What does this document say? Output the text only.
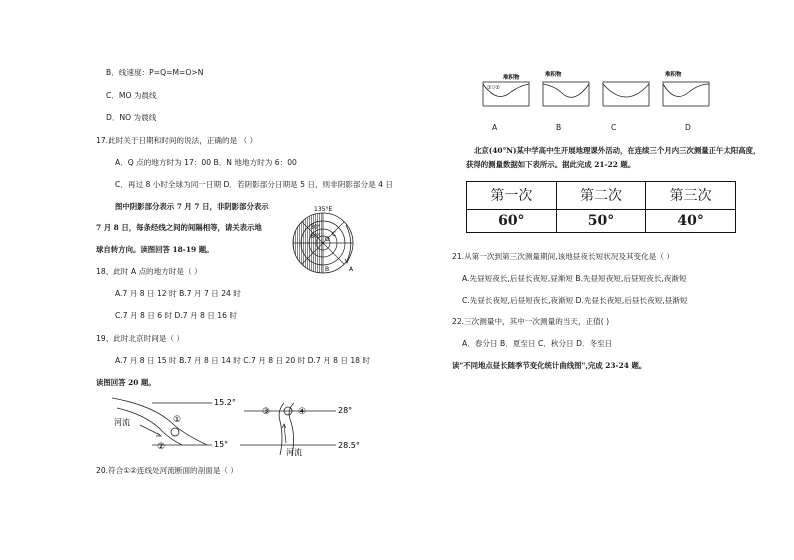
B．线速度：P=Q=M=O>N
C．MO 为晨线
D．NO 为晨线
17.此时关于日期和时间的说法，正确的是 （ ）
A．Q 点的地方时为 17：00 B．N 地地方时为 6：00
C．再过 8 小时全球为同一日期 D．若阴影部分日期是 5 日，则非阴影部分是 4 日
图中阴影部分表示 7 月 7 日，非阴影部分表示
7 月 8 日，每条经线之间的间隔相等，请关表示地
球自转方向。读图回答 18-19 题。
18、此时 A 点的地方时是（ ）
A.7 月 8 日 12 时 B.7 月 7 日 24 时
C.7 月 8 日 6 时 D.7 月 8 日 16 时
19、此时北京时间是（ ）
A.7 月 8 日 15 时 B.7 月 8 日 14 时 C.7 月 8 日 20 时 D.7 月 8 日 18 时
读图回答 20 题。
20.符合①②连线处河流断面的剖面是（ ）
135°E
30°
60° O
C
B	A
河流
15.2°
15°
①
②
③	④
河流
28°
28.5°
①▽②
堆积物	堆积物	堆积物
A	B	C	D
北京(40°N)某中学高中生开展地理课外活动，在连续三个月内三次测量正午太阳高度，
获得的测量数据如下表所示。据此完成 21-22 题。
第一次	第二次	第三次
60°	50°	40°
21.从第一次到第三次测量期间,该地昼夜长短状况及其变化是（ ）
A.先昼短夜长,后昼长夜短,昼渐短 B.先昼短夜短,后昼短夜长,夜渐短
C.先昼长夜短,后昼短夜长,夜渐短 D.先昼长夜短,后昼长夜短,昼渐短
22.三次测量中，其中一次测量的当天，正值( )
A．春分日 B．夏至日 C．秋分日 D．冬至日
读"不同地点昼长随季节变化统计曲线图",完成 23-24 题。
